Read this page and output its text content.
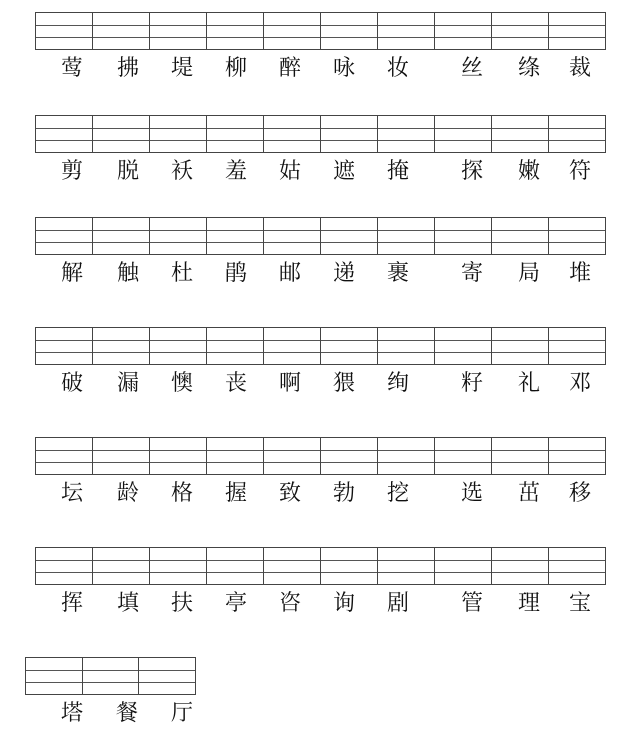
莺	拂	堤	柳	醉	咏	妆	丝	绦	裁
剪	脱	袄	羞	姑	遮	掩	探	嫩	符
解	触	杜	鹃	邮	递	裹	寄	局	堆
破	漏	懊	丧	啊	猥	绚	籽	礼	邓
坛	龄	格	握	致	勃	挖	选	茁	移
挥	填	扶	亭	咨	询	剧	管	理	宝
塔	餐	厅
